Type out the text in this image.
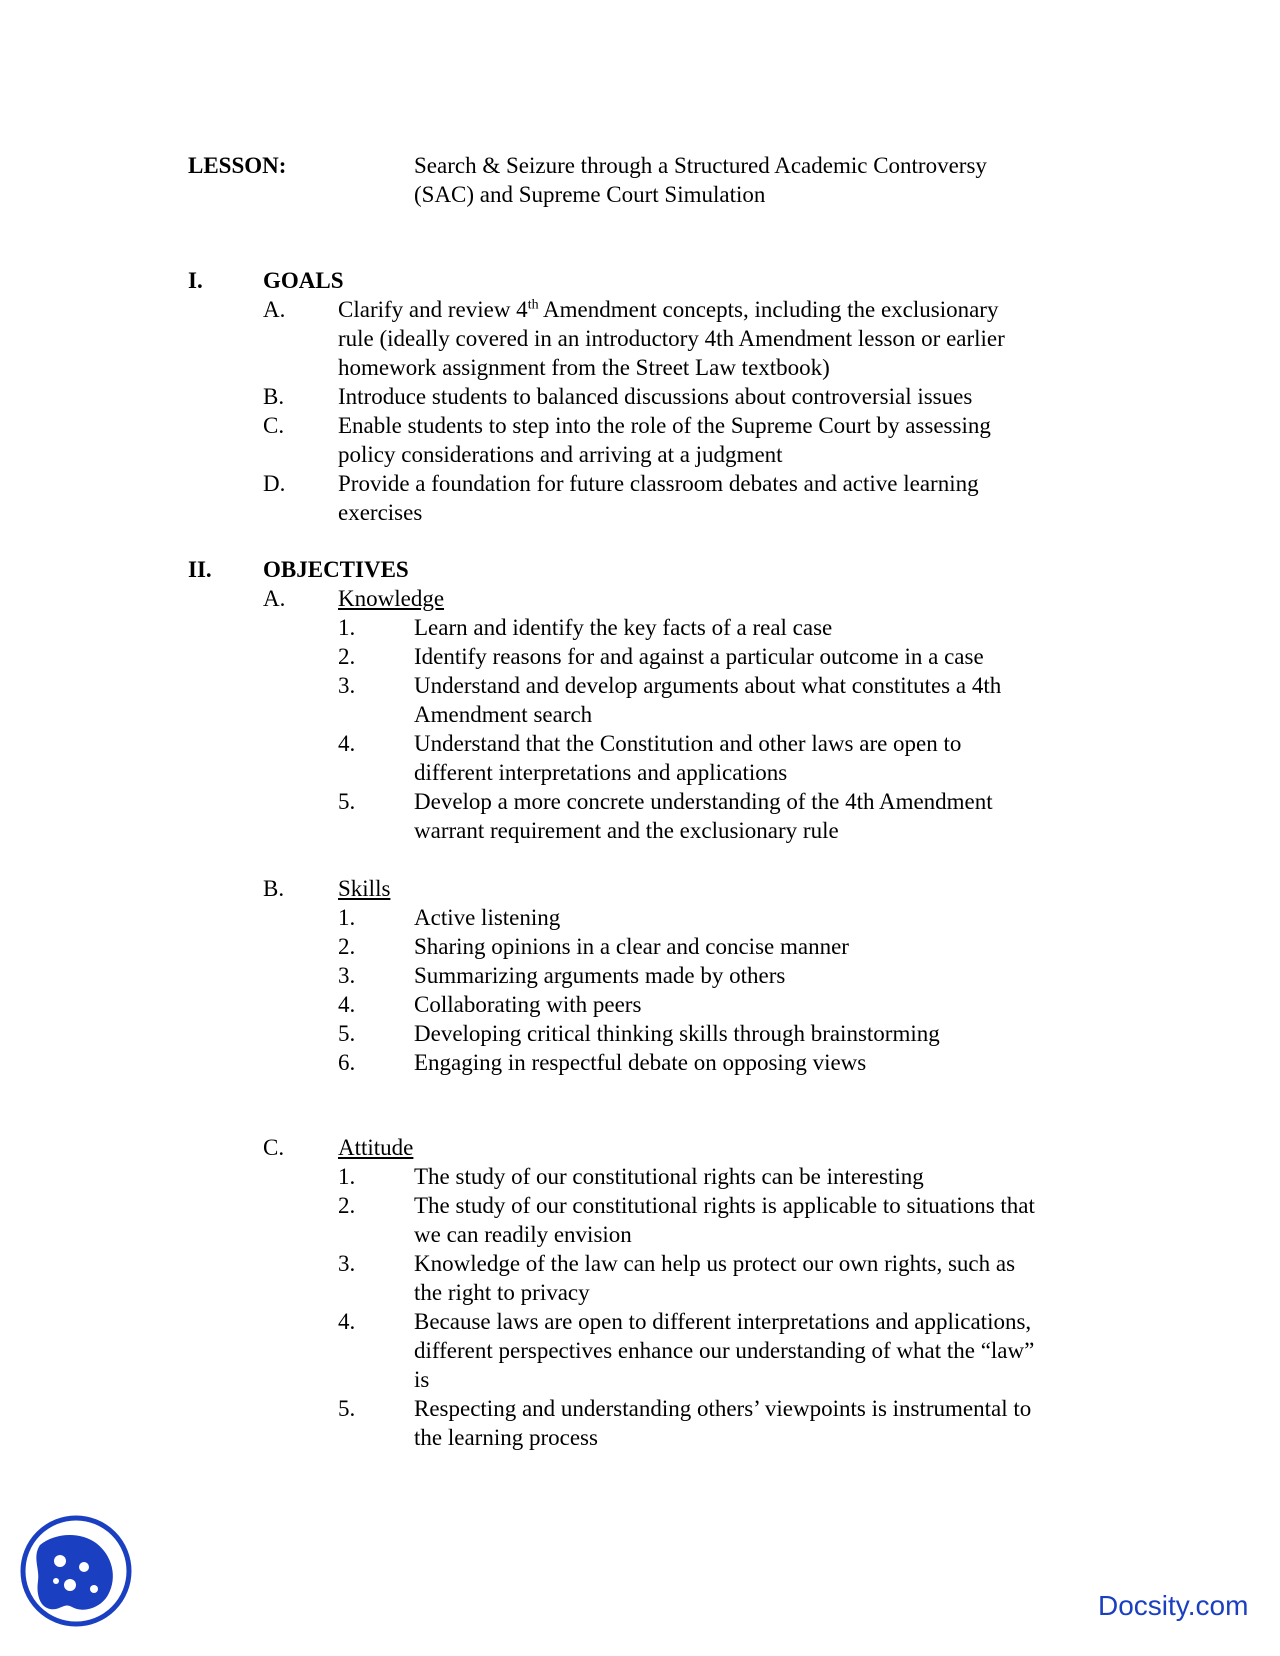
LESSON:	Search & Seizure through a Structured Academic Controversy
(SAC) and Supreme Court Simulation
I.	GOALS
A. Clarify and review 4th Amendment concepts, including the exclusionary
rule (ideally covered in an introductory 4th Amendment lesson or earlier
homework assignment from the Street Law textbook)
B. Introduce students to balanced discussions about controversial issues
C. Enable students to step into the role of the Supreme Court by assessing
policy considerations and arriving at a judgment
D. Provide a foundation for future classroom debates and active learning
exercises
II. OBJECTIVES
A. Knowledge
1.	Learn and identify the key facts of a real case
2.	Identify reasons for and against a particular outcome in a case
3.	Understand and develop arguments about what constitutes a 4th
Amendment search
4.	Understand that the Constitution and other laws are open to
different interpretations and applications
5.	Develop a more concrete understanding of the 4th Amendment
warrant requirement and the exclusionary rule
B. Skills
1.	Active listening
2.	Sharing opinions in a clear and concise manner
3.	Summarizing arguments made by others
4.	Collaborating with peers
5.	Developing critical thinking skills through brainstorming
6.	Engaging in respectful debate on opposing views
C. Attitude
1.	The study of our constitutional rights can be interesting
2.	The study of our constitutional rights is applicable to situations that
we can readily envision
3.	Knowledge of the law can help us protect our own rights, such as
the right to privacy
4.	Because laws are open to different interpretations and applications,
different perspectives enhance our understanding of what the “law”
is
5.	Respecting and understanding others’ viewpoints is instrumental to
the learning process
Docsity.com
